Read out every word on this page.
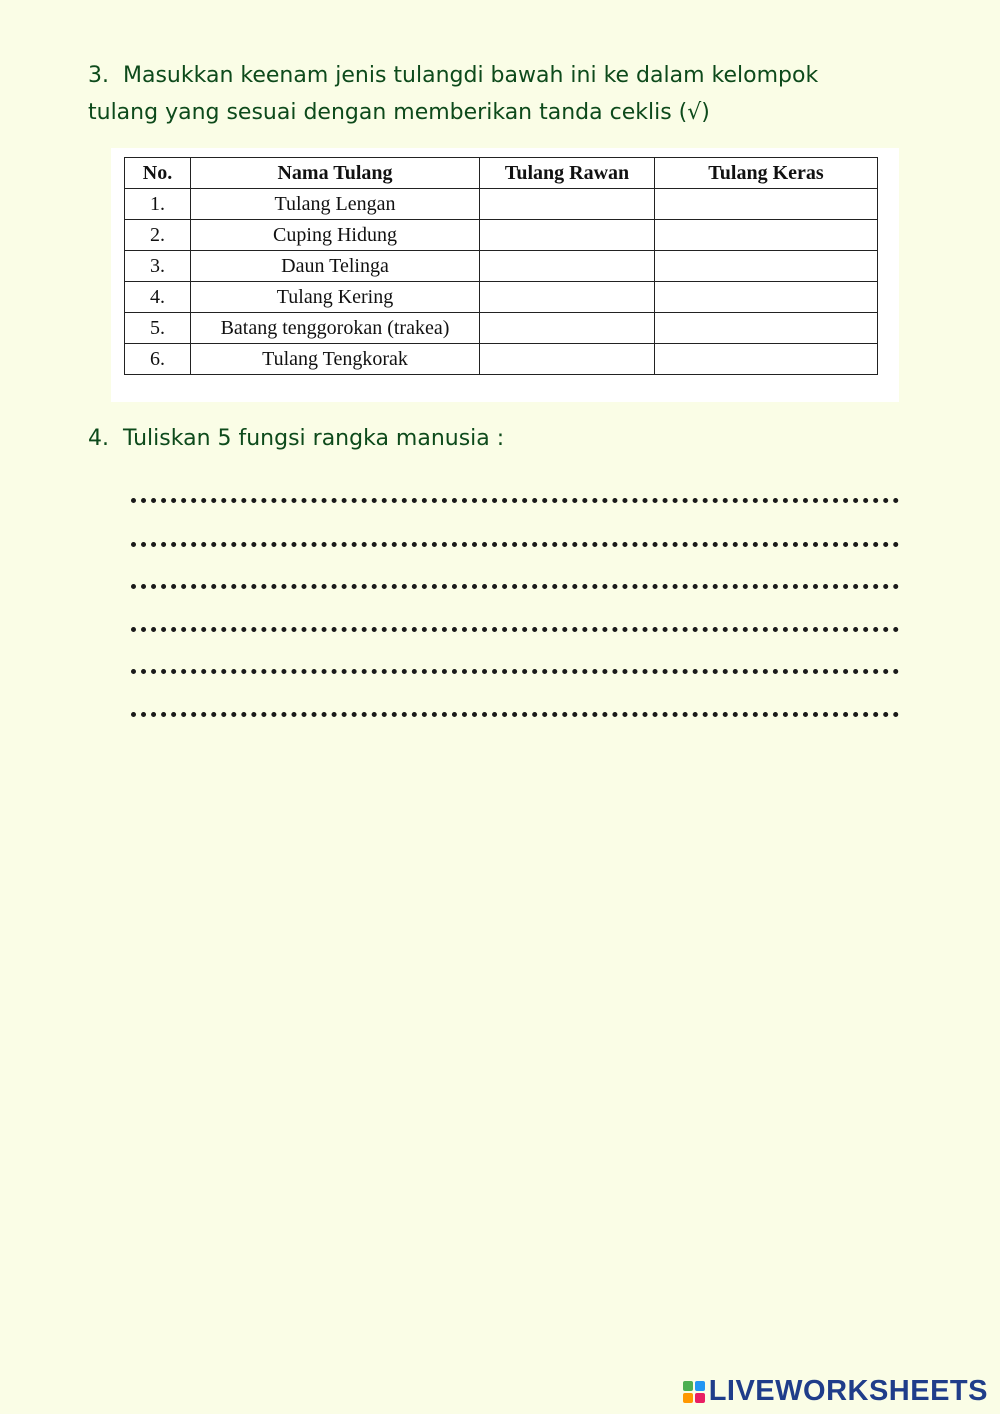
3. Masukkan keenam jenis tulangdi bawah ini ke dalam kelompok
tulang yang sesuai dengan memberikan tanda ceklis (√)
No.	Nama Tulang	Tulang Rawan	Tulang Keras
1.	Tulang Lengan		
2.	Cuping Hidung		
3.	Daun Telinga		
4.	Tulang Kering		
5.	Batang tenggorokan (trakea)		
6.	Tulang Tengkorak		
4. Tuliskan 5 fungsi rangka manusia :
LIVEWORKSHEETS
